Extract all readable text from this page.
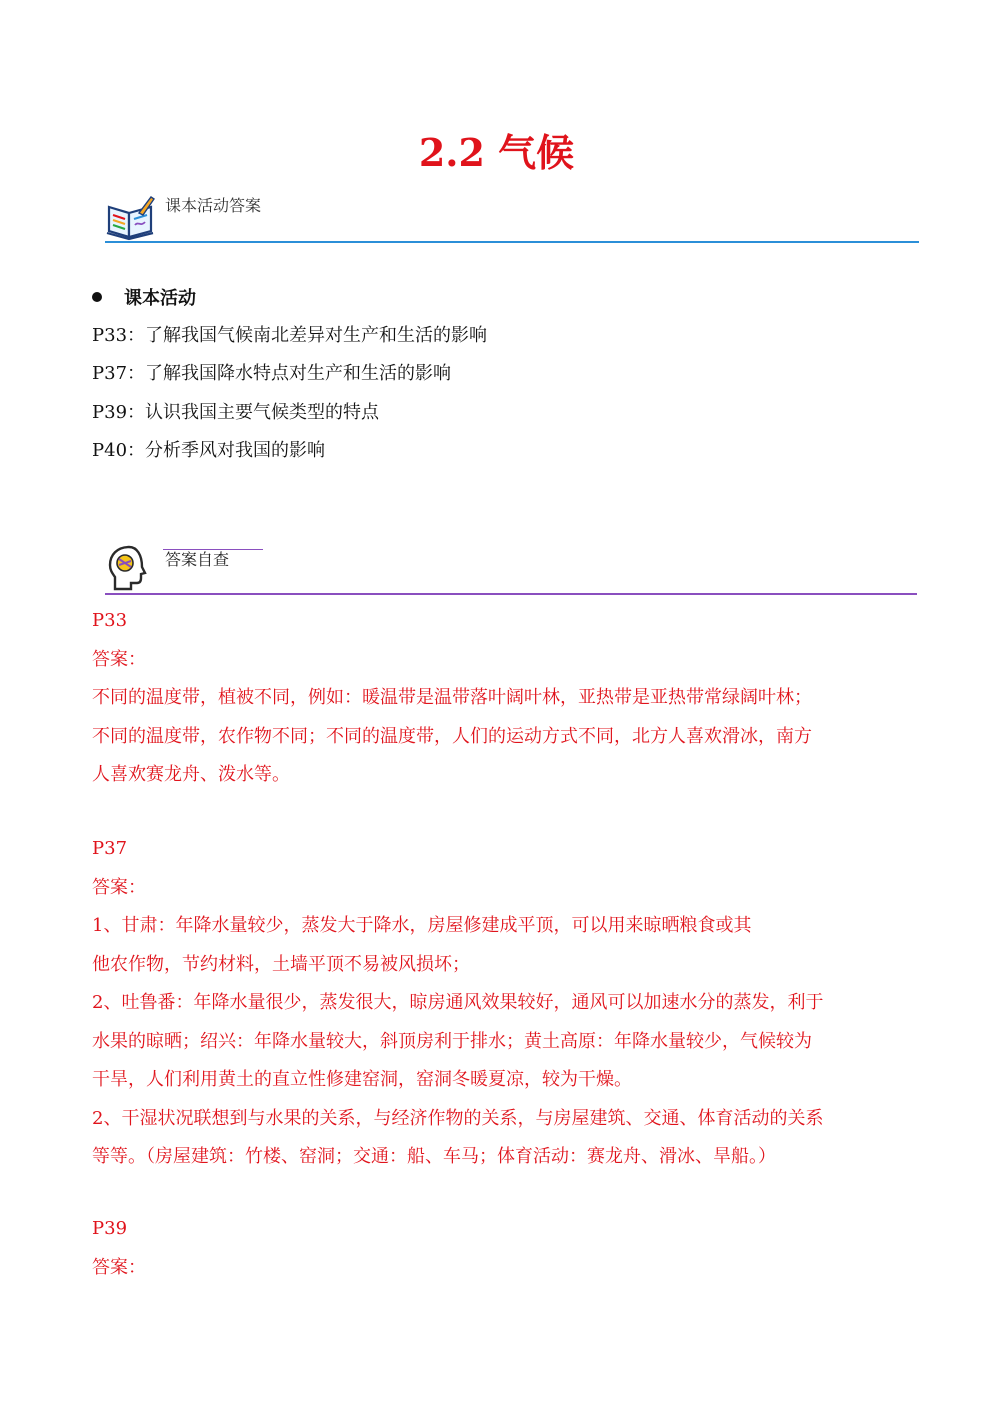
2.2 气候
课本活动答案
课本活动
P33：了解我国气候南北差异对生产和生活的影响
P37：了解我国降水特点对生产和生活的影响
P39：认识我国主要气候类型的特点
P40：分析季风对我国的影响
答案自查

P33

答案：

不同的温度带，植被不同，例如：暖温带是温带落叶阔叶林，亚热带是亚热带常绿阔叶林；

不同的温度带，农作物不同；不同的温度带，人们的运动方式不同，北方人喜欢滑冰，南方

人喜欢赛龙舟、泼水等。

P37

答案：

1、甘肃：年降水量较少，蒸发大于降水，房屋修建成平顶，可以用来晾晒粮食或其

他农作物，节约材料，土墙平顶不易被风损坏；

2、吐鲁番：年降水量很少，蒸发很大，晾房通风效果较好，通风可以加速水分的蒸发，利于

水果的晾晒；绍兴：年降水量较大，斜顶房利于排水；黄土高原：年降水量较少，气候较为

干旱，人们利用黄土的直立性修建窑洞，窑洞冬暖夏凉，较为干燥。

2、干湿状况联想到与水果的关系，与经济作物的关系，与房屋建筑、交通、体育活动的关系

等等。（房屋建筑：竹楼、窑洞；交通：船、车马；体育活动：赛龙舟、滑冰、旱船。）

P39

答案：
